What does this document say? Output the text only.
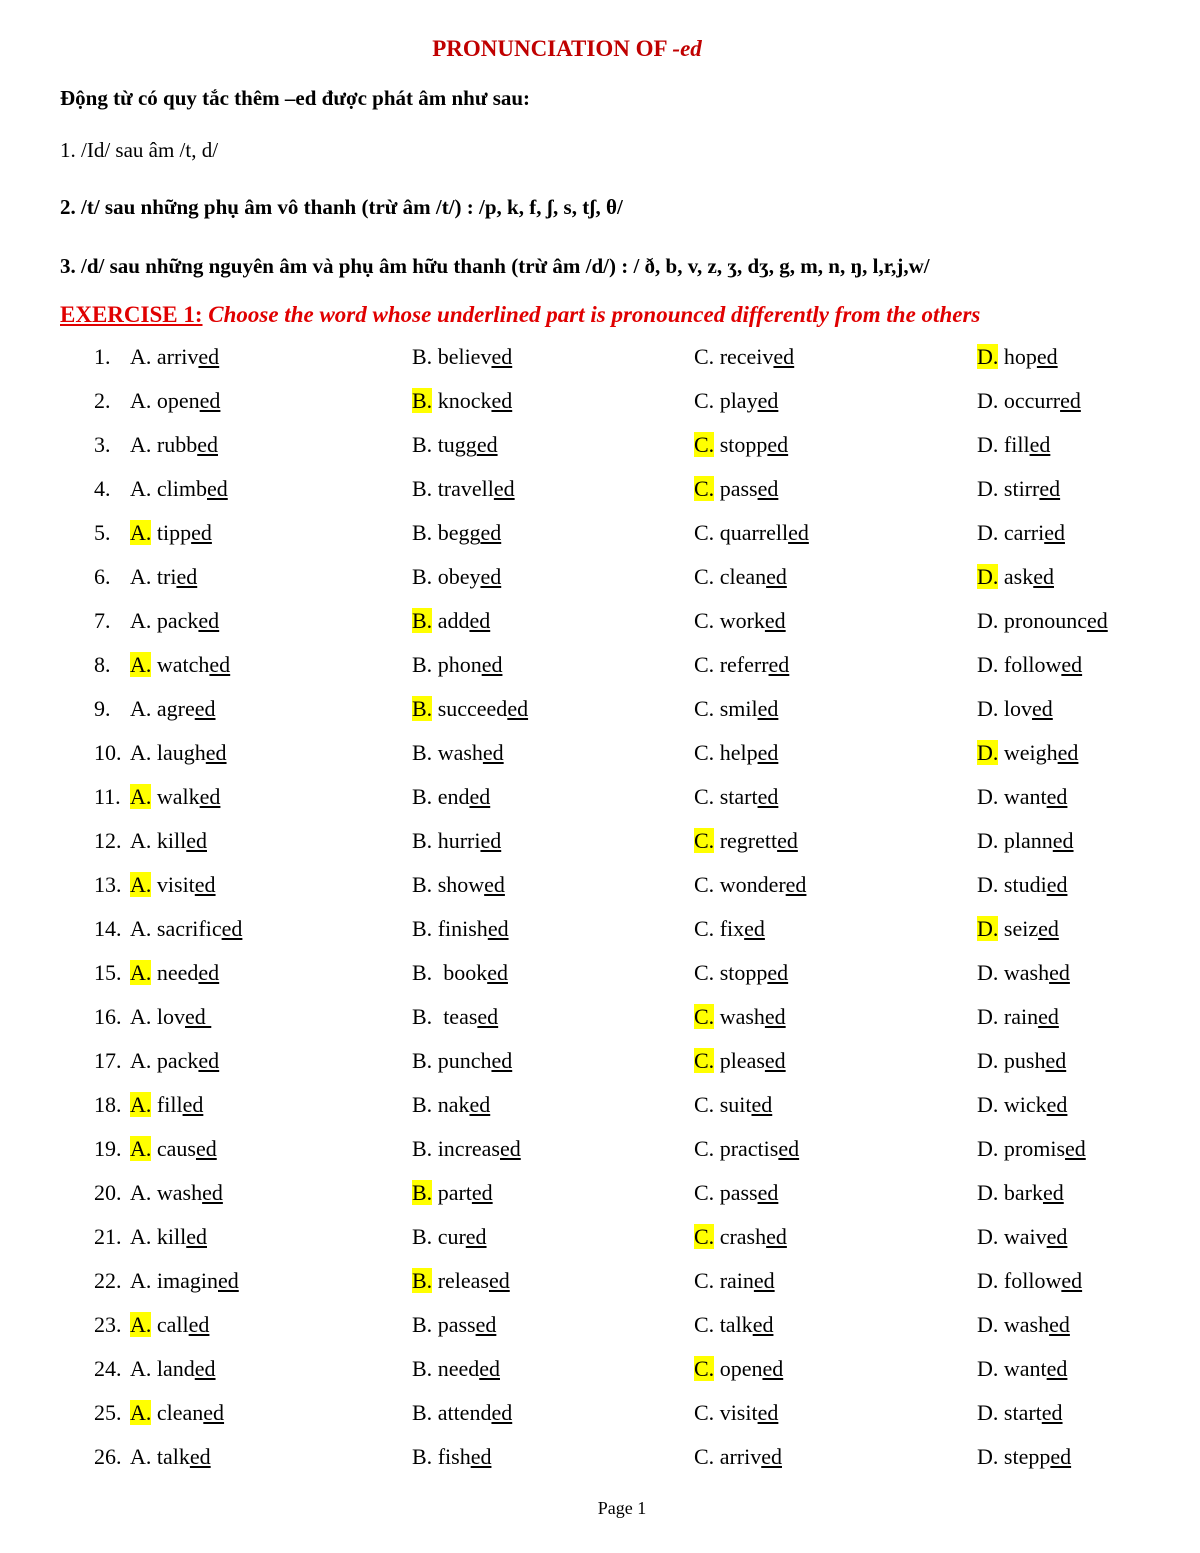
PRONUNCIATION OF -ed
Động từ có quy tắc thêm –ed được phát âm như sau:
1. /Id/ sau âm /t, d/
2. /t/ sau những phụ âm vô thanh (trừ âm /t/) : /p, k, f, ʃ, s, tʃ, θ/
3. /d/ sau những nguyên âm và phụ âm hữu thanh (trừ âm /d/) : / ð, b, v, z, ʒ, dʒ, g, m, n, ŋ, l,r,j,w/
EXERCISE 1: Choose the word whose underlined part is pronounced differently from the others
1. A. arrived	B. believed	C. received	D. hoped
2. A. opened	B. knocked	C. played	D. occurred
3. A. rubbed	B. tugged	C. stopped	D. filled
4. A. climbed	B. travelled	C. passed	D. stirred
5. A. tipped	B. begged	C. quarrelled	D. carried
6. A. tried	B. obeyed	C. cleaned	D. asked
7. A. packed	B. added	C. worked	D. pronounced
8. A. watched	B. phoned	C. referred	D. followed
9. A. agreed	B. succeeded	C. smiled	D. loved
10. A. laughed	B. washed	C. helped	D. weighed
11. A. walked	B. ended	C. started	D. wanted
12. A. killed	B. hurried	C. regretted	D. planned
13. A. visited	B. showed	C. wondered	D. studied
14. A. sacrificed	B. finished	C. fixed	D. seized
15. A. needed	B.  booked	C. stopped	D. washed
16. A. loved	B.  teased	C. washed	D. rained
17. A. packed	B. punched	C. pleased	D. pushed
18. A. filled	B. naked	C. suited	D. wicked
19. A. caused	B. increased	C. practised	D. promised
20. A. washed	B. parted	C. passed	D. barked
21. A. killed	B. cured	C. crashed	D. waived
22. A. imagined	B. released	C. rained	D. followed
23. A. called	B. passed	C. talked	D. washed
24. A. landed	B. needed	C. opened	D. wanted
25. A. cleaned	B. attended	C. visited	D. started
26. A. talked	B. fished	C. arrived	D. stepped
Page 1
